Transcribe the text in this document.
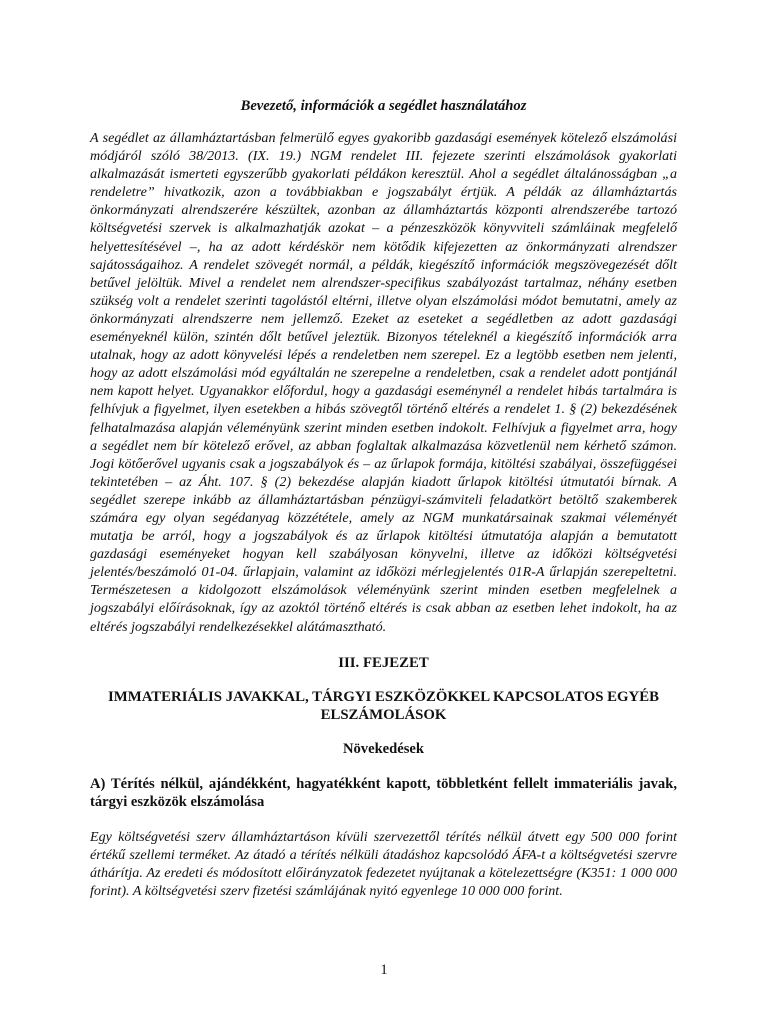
Bevezető, információk a segédlet használatához

A segédlet az államháztartásban felmerülő egyes gyakoribb gazdasági események kötelező elszámolási módjáról szóló 38/2013. (IX. 19.) NGM rendelet III. fejezete szerinti elszámolások gyakorlati alkalmazását ismerteti egyszerűbb gyakorlati példákon keresztül. Ahol a segédlet általánosságban „a rendeletre” hivatkozik, azon a továbbiakban e jogszabályt értjük. A példák az államháztartás önkormányzati alrendszerére készültek, azonban az államháztartás központi alrendszerébe tartozó költségvetési szervek is alkalmazhatják azokat – a pénzeszközök könyvviteli számláinak megfelelő helyettesítésével –, ha az adott kérdéskör nem kötődik kifejezetten az önkormányzati alrendszer sajátosságaihoz. A rendelet szövegét normál, a példák, kiegészítő információk megszövegezését dőlt betűvel jelöltük. Mivel a rendelet nem alrendszer-specifikus szabályozást tartalmaz, néhány esetben szükség volt a rendelet szerinti tagolástól eltérni, illetve olyan elszámolási módot bemutatni, amely az önkormányzati alrendszerre nem jellemző. Ezeket az eseteket a segédletben az adott gazdasági eseményeknél külön, szintén dőlt betűvel jeleztük. Bizonyos tételeknél a kiegészítő információk arra utalnak, hogy az adott könyvelési lépés a rendeletben nem szerepel. Ez a legtöbb esetben nem jelenti, hogy az adott elszámolási mód egyáltalán ne szerepelne a rendeletben, csak a rendelet adott pontjánál nem kapott helyet. Ugyanakkor előfordul, hogy a gazdasági eseménynél a rendelet hibás tartalmára is felhívjuk a figyelmet, ilyen esetekben a hibás szövegtől történő eltérés a rendelet 1. § (2) bekezdésének felhatalmazása alapján véleményünk szerint minden esetben indokolt. Felhívjuk a figyelmet arra, hogy a segédlet nem bír kötelező erővel, az abban foglaltak alkalmazása közvetlenül nem kérhető számon. Jogi kötőerővel ugyanis csak a jogszabályok és – az űrlapok formája, kitöltési szabályai, összefüggései tekintetében – az Áht. 107. § (2) bekezdése alapján kiadott űrlapok kitöltési útmutatói bírnak. A segédlet szerepe inkább az államháztartásban pénzügyi-számviteli feladatkört betöltő szakemberek számára egy olyan segédanyag közzététele, amely az NGM munkatársainak szakmai véleményét mutatja be arról, hogy a jogszabályok és az űrlapok kitöltési útmutatója alapján a bemutatott gazdasági eseményeket hogyan kell szabályosan könyvelni, illetve az időközi költségvetési jelentés/beszámoló 01-04. űrlapjain, valamint az időközi mérlegjelentés 01R-A űrlapján szerepeltetni. Természetesen a kidolgozott elszámolások véleményünk szerint minden esetben megfelelnek a jogszabályi előírásoknak, így az azoktól történő eltérés is csak abban az esetben lehet indokolt, ha az eltérés jogszabályi rendelkezésekkel alátámasztható.

III. FEJEZET

IMMATERIÁLIS JAVAKKAL, TÁRGYI ESZKÖZÖKKEL KAPCSOLATOS EGYÉB ELSZÁMOLÁSOK

Növekedések

A) Térítés nélkül, ajándékként, hagyatékként kapott, többletként fellelt immateriális javak, tárgyi eszközök elszámolása

Egy költségvetési szerv államháztartáson kívüli szervezettől térítés nélkül átvett egy 500 000 forint értékű szellemi terméket. Az átadó a térítés nélküli átadáshoz kapcsolódó ÁFA-t a költségvetési szervre áthárítja. Az eredeti és módosított előirányzatok fedezetet nyújtanak a kötelezettségre (K351: 1 000 000 forint). A költségvetési szerv fizetési számlájának nyitó egyenlege 10 000 000 forint.

1
